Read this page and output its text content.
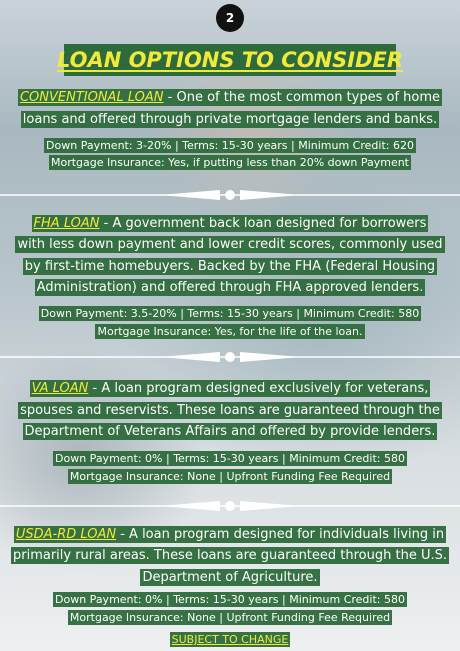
2
LOAN OPTIONS TO CONSIDER

CONVENTIONAL LOAN - One of the most common types of home

loans and offered through private mortgage lenders and banks.

Down Payment: 3-20% | Terms: 15-30 years | Minimum Credit: 620

Mortgage Insurance: Yes, if putting less than 20% down Payment

FHA LOAN - A government back loan designed for borrowers

with less down payment and lower credit scores, commonly used

by first-time homebuyers. Backed by the FHA (Federal Housing

Administration) and offered through FHA approved lenders.

Down Payment: 3.5-20% | Terms: 15-30 years | Minimum Credit: 580

Mortgage Insurance: Yes, for the life of the loan.

VA LOAN - A loan program designed exclusively for veterans,

spouses and reservists. These loans are guaranteed through the

Department of Veterans Affairs and offered by provide lenders.

Down Payment: 0% | Terms: 15-30 years | Minimum Credit: 580

Mortgage Insurance: None | Upfront Funding Fee Required

USDA-RD LOAN - A loan program designed for individuals living in

primarily rural areas. These loans are guaranteed through the U.S.

Department of Agriculture.

Down Payment: 0% | Terms: 15-30 years | Minimum Credit: 580

Mortgage Insurance: None | Upfront Funding Fee Required

SUBJECT TO CHANGE
